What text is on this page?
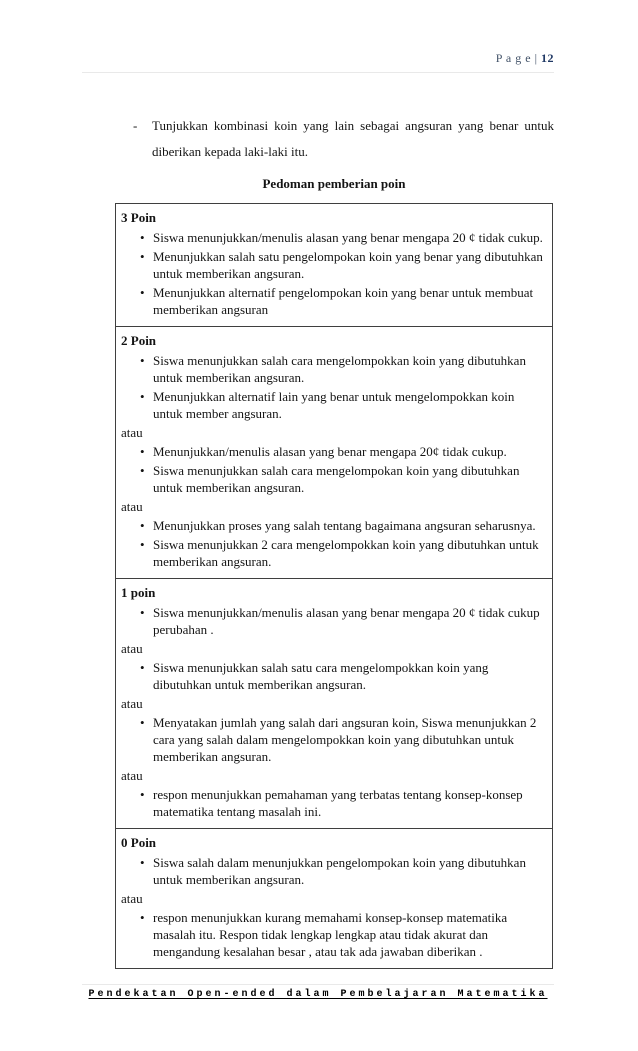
P a g e | 12
-	Tunjukkan kombinasi koin yang lain sebagai angsuran yang benar untuk diberikan kepada laki-laki itu.
Pedoman pemberian poin
3 Poin
• Siswa menunjukkan/menulis alasan yang benar mengapa 20 ¢ tidak cukup.
• Menunjukkan salah satu pengelompokan koin yang benar yang dibutuhkan untuk memberikan angsuran.
• Menunjukkan alternatif pengelompokan koin yang benar untuk membuat memberikan angsuran
2 Poin
• Siswa menunjukkan salah cara mengelompokkan koin yang dibutuhkan untuk memberikan angsuran.
• Menunjukkan alternatif lain yang benar untuk mengelompokkan koin untuk member angsuran.
atau
• Menunjukkan/menulis alasan yang benar mengapa 20¢ tidak cukup.
• Siswa menunjukkan salah cara mengelompokan koin yang dibutuhkan untuk memberikan angsuran.
atau
• Menunjukkan proses yang salah tentang bagaimana angsuran seharusnya.
• Siswa menunjukkan 2 cara mengelompokkan koin yang dibutuhkan untuk memberikan angsuran.
1 poin
• Siswa menunjukkan/menulis alasan yang benar mengapa 20 ¢ tidak cukup perubahan .
atau
• Siswa menunjukkan salah satu cara mengelompokkan koin yang dibutuhkan untuk memberikan angsuran.
atau
• Menyatakan jumlah yang salah dari angsuran koin, Siswa menunjukkan 2 cara yang salah dalam mengelompokkan koin yang dibutuhkan untuk memberikan angsuran.
atau
• respon menunjukkan pemahaman yang terbatas tentang konsep-konsep matematika tentang masalah ini.
0 Poin
• Siswa salah dalam menunjukkan pengelompokan koin yang dibutuhkan untuk memberikan angsuran.
atau
• respon menunjukkan kurang memahami konsep-konsep matematika masalah itu. Respon tidak lengkap lengkap atau tidak akurat dan mengandung kesalahan besar , atau tak ada jawaban diberikan .
Pendekatan Open-ended dalam Pembelajaran Matematika
